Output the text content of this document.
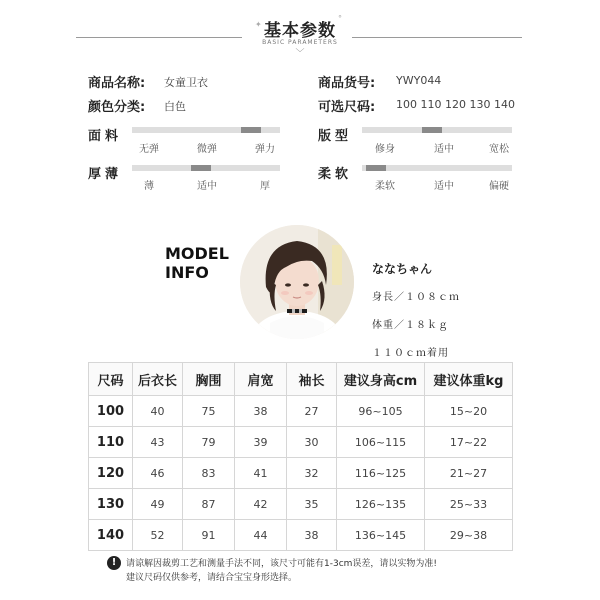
✦
°
基本参数
BASIC PARAMETERS
﹀
商品名称: 女童卫衣	商品货号: YWY044
颜色分类: 白色	可选尺码: 100 110 120 130 140
面料
无弹	微弹	弹力
版型
修身	适中	宽松
厚薄
薄	适中	厚
柔软
柔软	适中	偏硬
MODEL
INFO	ななちゃん
身長／１０８ｃｍ
体重／１８ｋｇ
１１０ｃｍ着用
尺码	后衣长	胸围	肩宽	袖长	建议身高cm	建议体重kg
100	40	75	38	27	96~105	15~20
110	43	79	39	30	106~115	17~22
120	46	83	41	32	116~125	21~27
130	49	87	42	35	126~135	25~33
140	52	91	44	38	136~145	29~38
!	请谅解因裁剪工艺和测量手法不同，该尺寸可能有1-3cm误差，请以实物为准!
建议尺码仅供参考，请结合宝宝身形选择。
